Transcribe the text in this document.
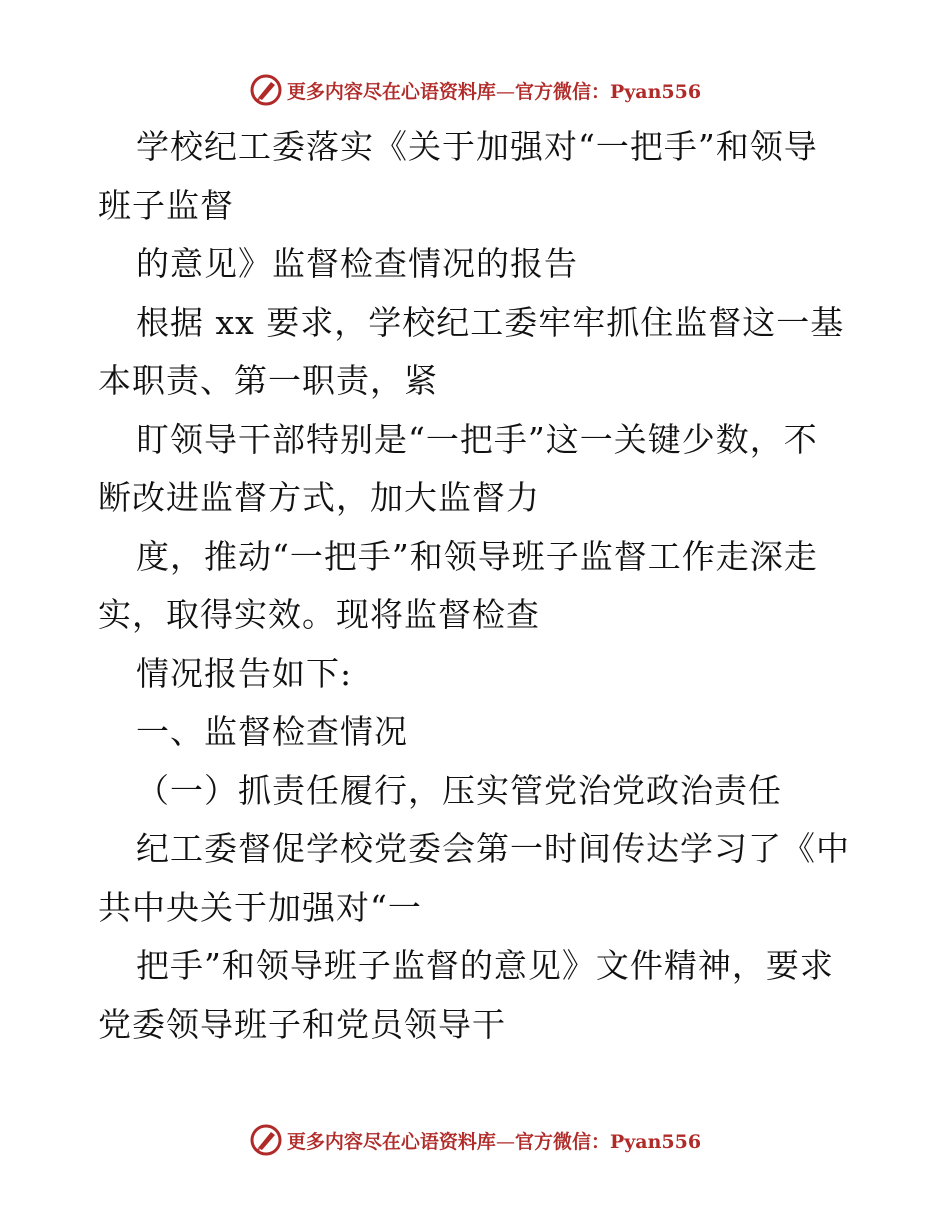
更多内容尽在心语资料库—官方微信：Pyan556
学校纪工委落实《关于加强对“一把手”和领导
班子监督
的意见》监督检查情况的报告
根据 xx 要求，学校纪工委牢牢抓住监督这一基
本职责、第一职责，紧
盯领导干部特别是“一把手”这一关键少数，不
断改进监督方式，加大监督力
度，推动“一把手”和领导班子监督工作走深走
实，取得实效。现将监督检查
情况报告如下:
一、监督检查情况
（一）抓责任履行，压实管党治党政治责任
纪工委督促学校党委会第一时间传达学习了《中
共中央关于加强对“一
把手”和领导班子监督的意见》文件精神，要求
党委领导班子和党员领导干
更多内容尽在心语资料库—官方微信：Pyan556
